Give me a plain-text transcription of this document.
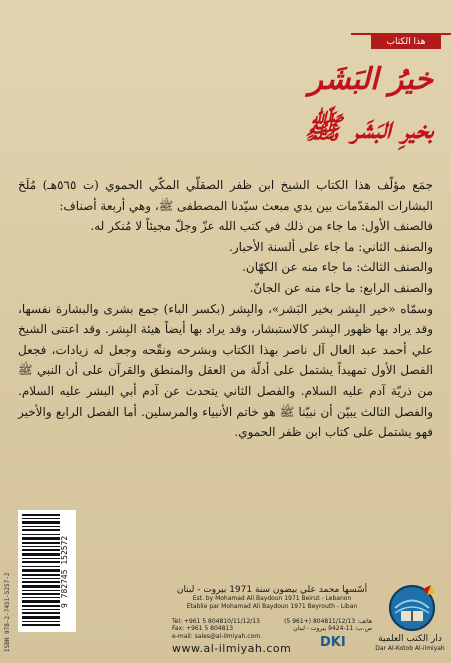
هذا الكتاب
خيرُ البَشَر
بخيرِ البَشَر ﷺ

جمَع مؤلّف هذا الكتاب الشيخ ابن ظفر الصقلّي المكّي الحموي (ت ٥٦٥هـ) مُلَحَ البشارات المقدّمات بين يدي مبعث سيّدنا المصطفى ﷺ، وهي أربعة أصناف:

فالصنف الأول: ما جاء من ذلك في كتب الله عزّ وجلّ مجيئاً لا مُنكر له.

والصنف الثاني: ما جاء على ألسنة الأحبار.

والصنف الثالث: ما جاء منه عن الكهّان.

والصنف الرابع: ما جاء منه عن الجانّ.

وسمّاه «خير البِشر بخير البَشر»، والبِشر (بكسر الباء) جمع بشرى والبشارة نفسها، وقد يراد بها ظهور البِشر كالاستبشار، وقد يراد بها أيضاً هيئة البِشر. وقد اعتنى الشيخ علي أحمد عبد العال آل ناصر بهذا الكتاب وبشرحه ونقّحه وجعل له زيادات، فجعل الفصل الأول تمهيداً يشتمل على أدلّة من العقل والمنطق والقرآن على أن النبي ﷺ من ذريّة آدم عليه السلام. والفصل الثاني يتحدث عن آدم أبي البشر عليه السلام. والفصل الثالث يبيّن أن نبيّنا ﷺ هو خاتم الأنبياء والمرسلين. أما الفصل الرابع والأخير فهو يشتمل على كتاب ابن ظفر الحموي.

ISBN 978-2-7451-5257-2
9 782745 152572	أسّسها محمد علي بيضون سنة 1971 بيروت - لبنان
Est. by Mohamad Ali Baydoun 1971 Beirut - Lebanon
Établie par Mohamad Ali Baydoun 1971 Beyrouth - Liban
Tel: +961 5 804810/11/12/13
Fax: +961 5 804813
هاتف: 804811/12/13 (+961 5)
ص.ب: 11-9424 بيروت - لبنان
e-mail: sales@al-ilmiyah.com
www.al-ilmiyah.com	DKI	دار الكتب العلمية
Dar Al-Kotob Al-ilmiyah
